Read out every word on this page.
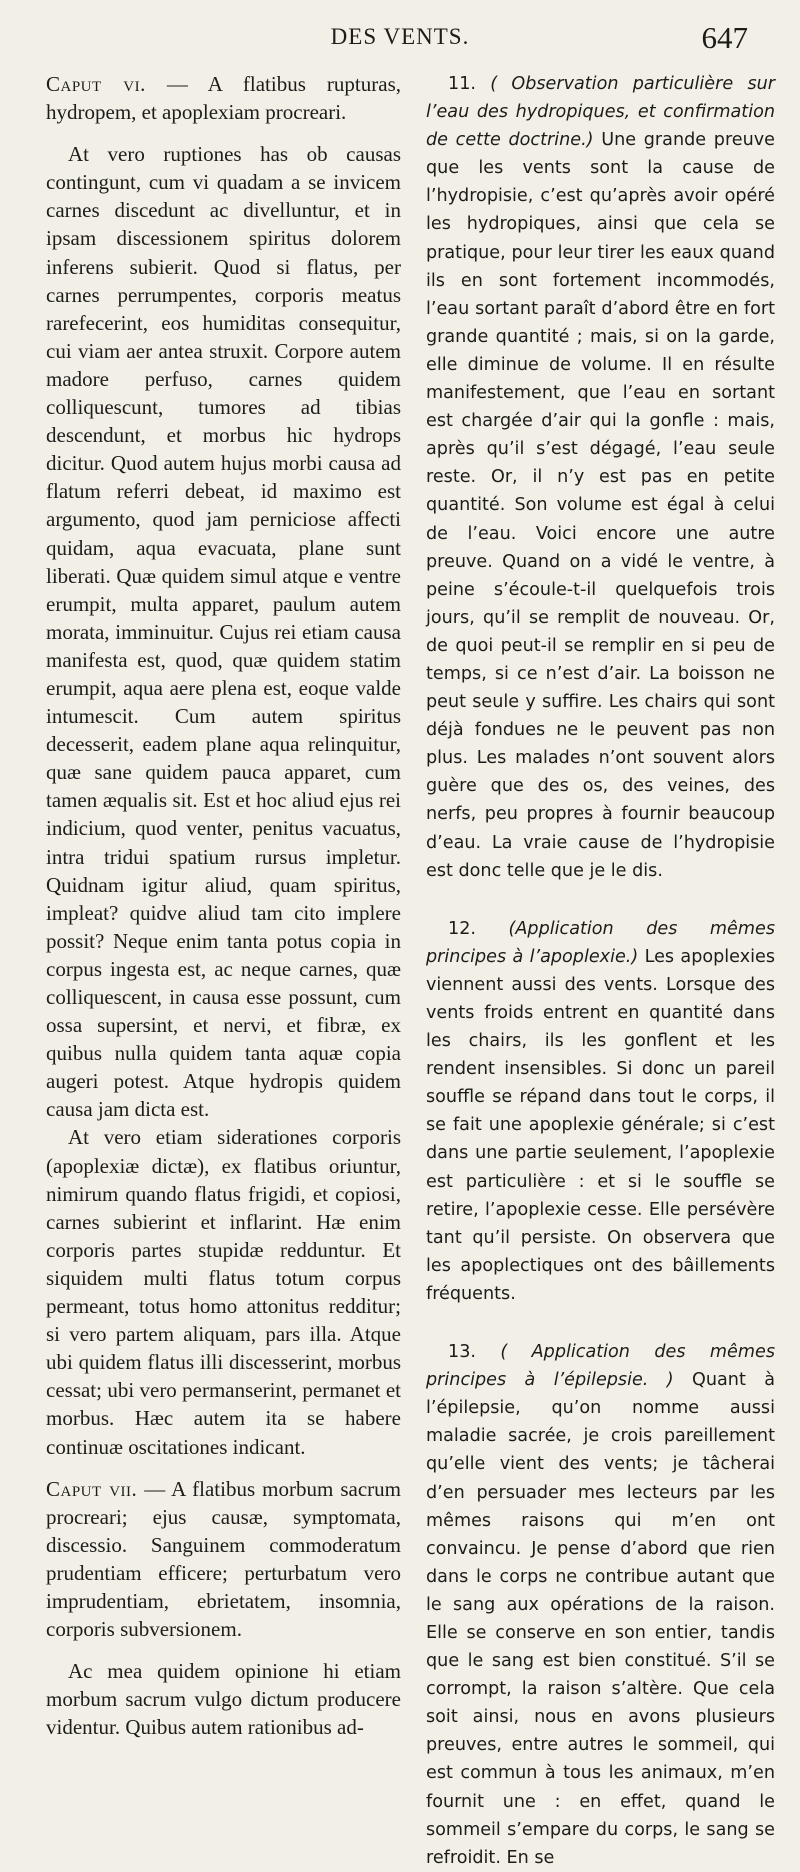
DES VENTS.	647

Caput vi. — A flatibus rupturas, hydropem, et apoplexiam procreari.

At vero ruptiones has ob causas contingunt, cum vi quadam a se invicem carnes discedunt ac divelluntur, et in ipsam discessionem spiritus dolorem inferens subierit. Quod si flatus, per carnes perrumpentes, corporis meatus rarefecerint, eos humiditas consequitur, cui viam aer antea struxit. Corpore autem madore perfuso, carnes quidem colliquescunt, tumores ad tibias descendunt, et morbus hic hydrops dicitur. Quod autem hujus morbi causa ad flatum referri debeat, id maximo est argumento, quod jam perniciose affecti quidam, aqua evacuata, plane sunt liberati. Quæ quidem simul atque e ventre erumpit, multa apparet, paulum autem morata, imminuitur. Cujus rei etiam causa manifesta est, quod, quæ quidem statim erumpit, aqua aere plena est, eoque valde intumescit. Cum autem spiritus decesserit, eadem plane aqua relinquitur, quæ sane quidem pauca apparet, cum tamen æqualis sit. Est et hoc aliud ejus rei indicium, quod venter, penitus vacuatus, intra tridui spatium rursus impletur. Quidnam igitur aliud, quam spiritus, impleat? quidve aliud tam cito implere possit? Neque enim tanta potus copia in corpus ingesta est, ac neque carnes, quæ colliquescent, in causa esse possunt, cum ossa supersint, et nervi, et fibræ, ex quibus nulla quidem tanta aquæ copia augeri potest. Atque hydropis quidem causa jam dicta est.

At vero etiam siderationes corporis (apoplexiæ dictæ), ex flatibus oriuntur, nimirum quando flatus frigidi, et copiosi, carnes subierint et inflarint. Hæ enim corporis partes stupidæ redduntur. Et siquidem multi flatus totum corpus permeant, totus homo attonitus redditur; si vero partem aliquam, pars illa. Atque ubi quidem flatus illi discesserint, morbus cessat; ubi vero permanserint, permanet et morbus. Hæc autem ita se habere continuæ oscitationes indicant.

Caput vii. — A flatibus morbum sacrum procreari; ejus causæ, symptomata, discessio. Sanguinem commoderatum prudentiam efficere; perturbatum vero imprudentiam, ebrietatem, insomnia, corporis subversionem.

Ac mea quidem opinione hi etiam morbum sacrum vulgo dictum producere videntur. Quibus autem rationibus ad-

11. ( Observation particulière sur l’eau des hydropiques, et confirmation de cette doctrine.) Une grande preuve que les vents sont la cause de l’hydropisie, c’est qu’après avoir opéré les hydropiques, ainsi que cela se pratique, pour leur tirer les eaux quand ils en sont fortement incommodés, l’eau sortant paraît d’abord être en fort grande quantité ; mais, si on la garde, elle diminue de volume. Il en résulte manifestement, que l’eau en sortant est chargée d’air qui la gonfle : mais, après qu’il s’est dégagé, l’eau seule reste. Or, il n’y est pas en petite quantité. Son volume est égal à celui de l’eau. Voici encore une autre preuve. Quand on a vidé le ventre, à peine s’écoule-t-il quelquefois trois jours, qu’il se remplit de nouveau. Or, de quoi peut-il se remplir en si peu de temps, si ce n’est d’air. La boisson ne peut seule y suffire. Les chairs qui sont déjà fondues ne le peuvent pas non plus. Les malades n’ont souvent alors guère que des os, des veines, des nerfs, peu propres à fournir beaucoup d’eau. La vraie cause de l’hydropisie est donc telle que je le dis.

12. (Application des mêmes principes à l’apoplexie.) Les apoplexies viennent aussi des vents. Lorsque des vents froids entrent en quantité dans les chairs, ils les gonflent et les rendent insensibles. Si donc un pareil souffle se répand dans tout le corps, il se fait une apoplexie générale; si c’est dans une partie seulement, l’apoplexie est particulière : et si le souffle se retire, l’apoplexie cesse. Elle persévère tant qu’il persiste. On observera que les apoplectiques ont des bâillements fréquents.

13. ( Application des mêmes principes à l’épilepsie. ) Quant à l’épilepsie, qu’on nomme aussi maladie sacrée, je crois pareillement qu’elle vient des vents; je tâcherai d’en persuader mes lecteurs par les mêmes raisons qui m’en ont convaincu. Je pense d’abord que rien dans le corps ne contribue autant que le sang aux opérations de la raison. Elle se conserve en son entier, tandis que le sang est bien constitué. S’il se corrompt, la raison s’altère. Que cela soit ainsi, nous en avons plusieurs preuves, entre autres le sommeil, qui est commun à tous les animaux, m’en fournit une : en effet, quand le sommeil s’empare du corps, le sang se refroidit. En se
